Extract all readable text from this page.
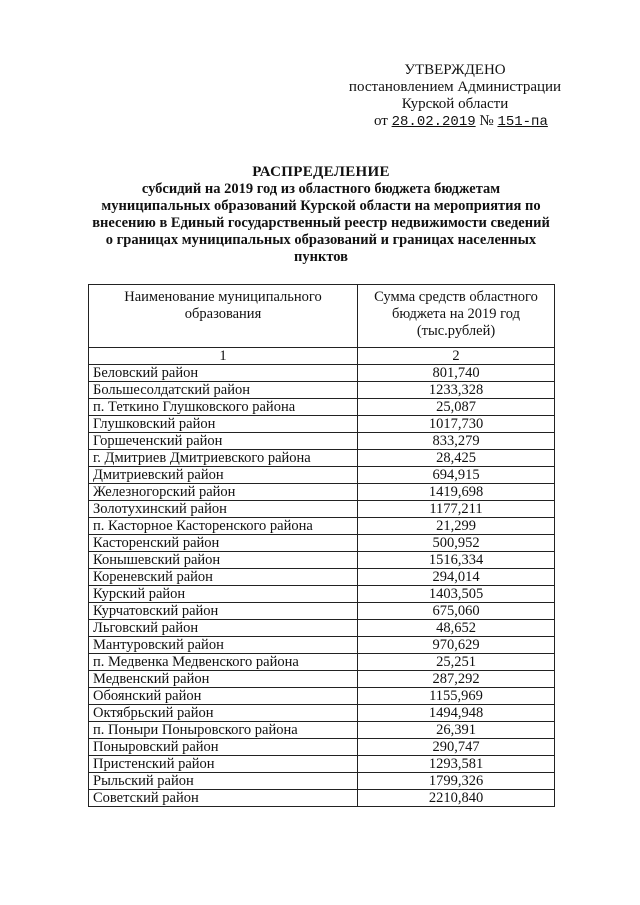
УТВЕРЖДЕНО
постановлением Администрации
Курской области
от 28.02.2019 № 151-па
РАСПРЕДЕЛЕНИЕ
субсидий на 2019 год из областного бюджета бюджетам
муниципальных образований Курской области на мероприятия по
внесению в Единый государственный реестр недвижимости сведений
о границах муниципальных образований и границах населенных
пунктов
Наименование муниципального образования	Сумма средств областного бюджета на 2019 год (тыс.рублей)
1	2
Беловский район	801,740
Большесолдатский район	1233,328
п. Теткино Глушковского района	25,087
Глушковский район	1017,730
Горшеченский район	833,279
г. Дмитриев Дмитриевского района	28,425
Дмитриевский район	694,915
Железногорский район	1419,698
Золотухинский район	1177,211
п. Касторное Касторенского района	21,299
Касторенский район	500,952
Конышевский район	1516,334
Кореневский район	294,014
Курский район	1403,505
Курчатовский район	675,060
Льговский район	48,652
Мантуровский район	970,629
п. Медвенка Медвенского района	25,251
Медвенский район	287,292
Обоянский район	1155,969
Октябрьский район	1494,948
п. Поныри Поныровского района	26,391
Поныровский район	290,747
Пристенский район	1293,581
Рыльский район	1799,326
Советский район	2210,840
